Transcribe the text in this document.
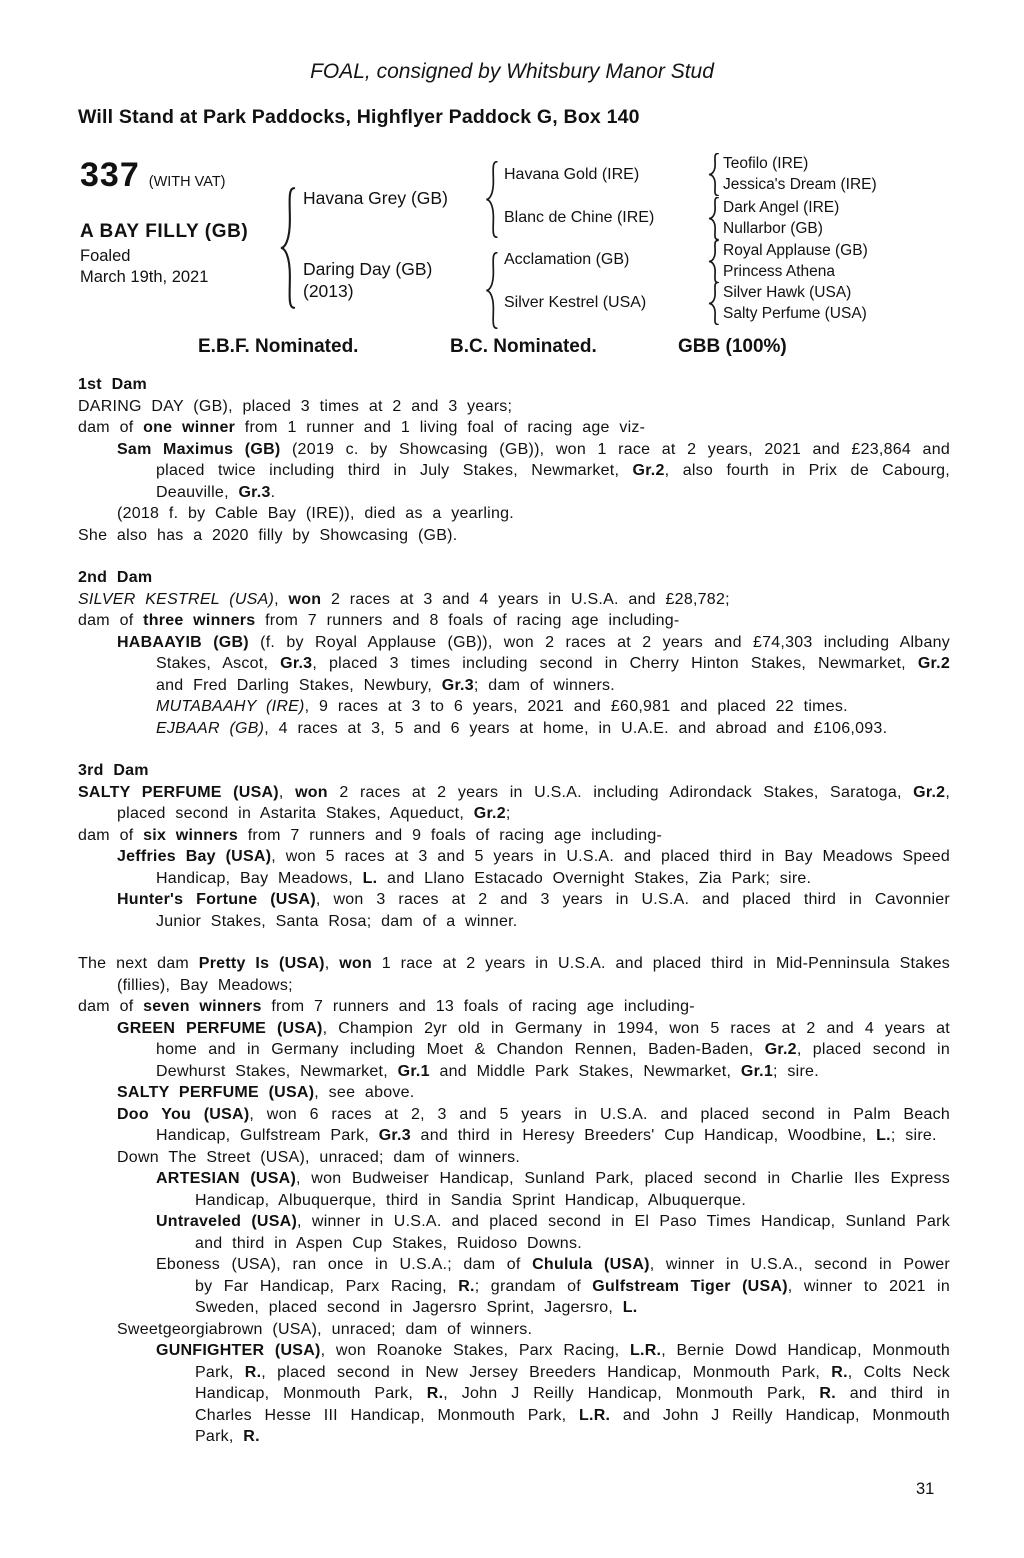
FOAL, consigned by Whitsbury Manor Stud
Will Stand at Park Paddocks, Highflyer Paddock G, Box 140
337 (WITH VAT)
A BAY FILLY (GB)
Foaled
March 19th, 2021
Havana Grey (GB)
Daring Day (GB)
(2013)
Havana Gold (IRE)
Blanc de Chine (IRE)
Acclamation (GB)
Silver Kestrel (USA)
Teofilo (IRE)
Jessica's Dream (IRE)
Dark Angel (IRE)
Nullarbor (GB)
Royal Applause (GB)
Princess Athena
Silver Hawk (USA)
Salty Perfume (USA)
E.B.F. Nominated.	B.C. Nominated.	GBB (100%)
1st Dam

DARING DAY (GB), placed 3 times at 2 and 3 years;

dam of one winner from 1 runner and 1 living foal of racing age viz-

Sam Maximus (GB) (2019 c. by Showcasing (GB)), won 1 race at 2 years, 2021 and £23,864 and placed twice including third in July Stakes, Newmarket, Gr.2, also fourth in Prix de Cabourg, Deauville, Gr.3.

(2018 f. by Cable Bay (IRE)), died as a yearling.

She also has a 2020 filly by Showcasing (GB).

2nd Dam

SILVER KESTREL (USA), won 2 races at 3 and 4 years in U.S.A. and £28,782;

dam of three winners from 7 runners and 8 foals of racing age including-

HABAAYIB (GB) (f. by Royal Applause (GB)), won 2 races at 2 years and £74,303 including Albany Stakes, Ascot, Gr.3, placed 3 times including second in Cherry Hinton Stakes, Newmarket, Gr.2 and Fred Darling Stakes, Newbury, Gr.3; dam of winners.

MUTABAAHY (IRE), 9 races at 3 to 6 years, 2021 and £60,981 and placed 22 times.

EJBAAR (GB), 4 races at 3, 5 and 6 years at home, in U.A.E. and abroad and £106,093.

3rd Dam

SALTY PERFUME (USA), won 2 races at 2 years in U.S.A. including Adirondack Stakes, Saratoga, Gr.2, placed second in Astarita Stakes, Aqueduct, Gr.2;

dam of six winners from 7 runners and 9 foals of racing age including-

Jeffries Bay (USA), won 5 races at 3 and 5 years in U.S.A. and placed third in Bay Meadows Speed Handicap, Bay Meadows, L. and Llano Estacado Overnight Stakes, Zia Park; sire.

Hunter's Fortune (USA), won 3 races at 2 and 3 years in U.S.A. and placed third in Cavonnier Junior Stakes, Santa Rosa; dam of a winner.

The next dam Pretty Is (USA), won 1 race at 2 years in U.S.A. and placed third in Mid-Penninsula Stakes (fillies), Bay Meadows;

dam of seven winners from 7 runners and 13 foals of racing age including-

GREEN PERFUME (USA), Champion 2yr old in Germany in 1994, won 5 races at 2 and 4 years at home and in Germany including Moet & Chandon Rennen, Baden-Baden, Gr.2, placed second in Dewhurst Stakes, Newmarket, Gr.1 and Middle Park Stakes, Newmarket, Gr.1; sire.

SALTY PERFUME (USA), see above.

Doo You (USA), won 6 races at 2, 3 and 5 years in U.S.A. and placed second in Palm Beach Handicap, Gulfstream Park, Gr.3 and third in Heresy Breeders' Cup Handicap, Woodbine, L.; sire.

Down The Street (USA), unraced; dam of winners.

ARTESIAN (USA), won Budweiser Handicap, Sunland Park, placed second in Charlie Iles Express Handicap, Albuquerque, third in Sandia Sprint Handicap, Albuquerque.

Untraveled (USA), winner in U.S.A. and placed second in El Paso Times Handicap, Sunland Park and third in Aspen Cup Stakes, Ruidoso Downs.

Eboness (USA), ran once in U.S.A.; dam of Chulula (USA), winner in U.S.A., second in Power by Far Handicap, Parx Racing, R.; grandam of Gulfstream Tiger (USA), winner to 2021 in Sweden, placed second in Jagersro Sprint, Jagersro, L.

Sweetgeorgiabrown (USA), unraced; dam of winners.

GUNFIGHTER (USA), won Roanoke Stakes, Parx Racing, L.R., Bernie Dowd Handicap, Monmouth Park, R., placed second in New Jersey Breeders Handicap, Monmouth Park, R., Colts Neck Handicap, Monmouth Park, R., John J Reilly Handicap, Monmouth Park, R. and third in Charles Hesse III Handicap, Monmouth Park, L.R. and John J Reilly Handicap, Monmouth Park, R.

31
